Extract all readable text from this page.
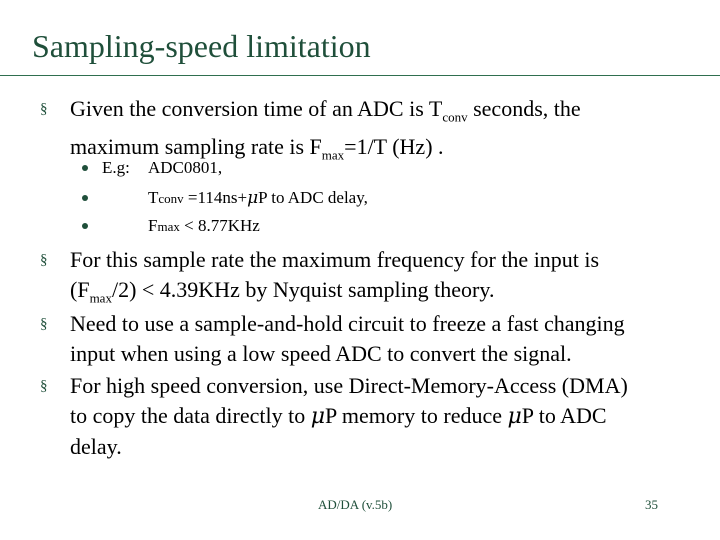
Sampling-speed limitation
§ Given the conversion time of an ADC is $T_{conv}$ seconds, the
maximum sampling rate is $F_{max}=1/T$ (Hz) .
E.g: ADC0801,
Tconv =114ns+μP to ADC delay,
Fmax < 8.77KHz
§ For this sample rate the maximum frequency for the input is
$(F_{max}/2) < 4.39KHz$ by Nyquist sampling theory.
§ Need to use a sample-and-hold circuit to freeze a fast changing
input when using a low speed ADC to convert the signal.
§ For high speed conversion, use Direct-Memory-Access (DMA)
to copy the data directly to μP memory to reduce μP to ADC
delay.
AD/DA (v.5b)	35
